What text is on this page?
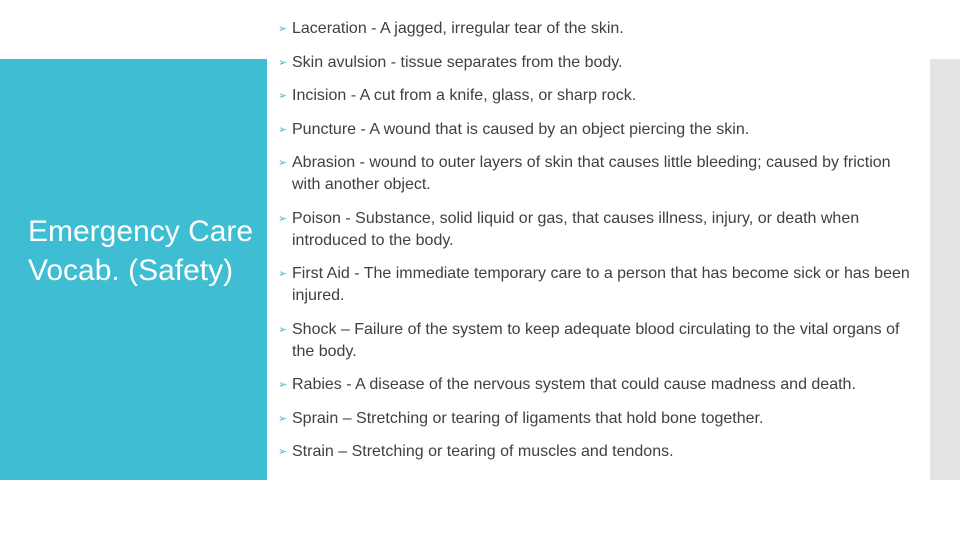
Emergency Care Vocab. (Safety)
➢ Laceration - A jagged, irregular tear of the skin.
➢ Skin avulsion - tissue separates from the body.
➢ Incision - A cut from a knife, glass, or sharp rock.
➢ Puncture - A wound that is caused by an object piercing the skin.
➢ Abrasion - wound to outer layers of skin that causes little bleeding; caused by friction with another object.
➢ Poison - Substance, solid liquid or gas, that causes illness, injury, or death when introduced to the body.
➢ First Aid - The immediate temporary care to a person that has become sick or has been injured.
➢ Shock – Failure of the system to keep adequate blood circulating to the vital organs of the body.
➢ Rabies - A disease of the nervous system that could cause madness and death.
➢ Sprain – Stretching or tearing of ligaments that hold bone together.
➢ Strain – Stretching or tearing of muscles and tendons.
